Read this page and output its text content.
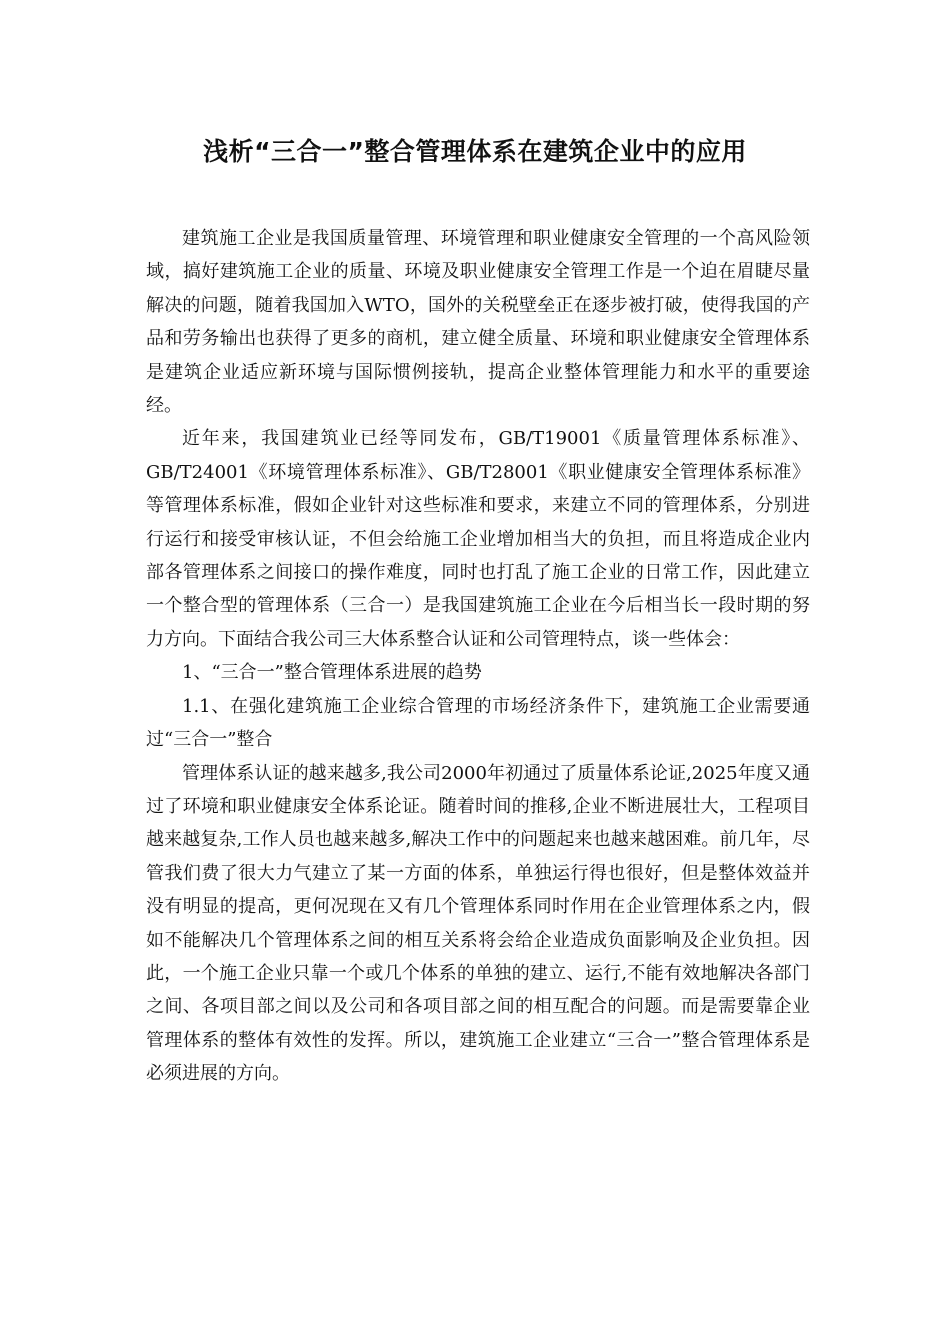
浅析“三合一”整合管理体系在建筑企业中的应用

建筑施工企业是我国质量管理、环境管理和职业健康安全管理的一个高风险领域，搞好建筑施工企业的质量、环境及职业健康安全管理工作是一个迫在眉睫尽量解决的问题，随着我国加入WTO，国外的关税壁垒正在逐步被打破，使得我国的产品和劳务输出也获得了更多的商机，建立健全质量、环境和职业健康安全管理体系是建筑企业适应新环境与国际惯例接轨，提高企业整体管理能力和水平的重要途经。

近年来，我国建筑业已经等同发布，GB/T19001《质量管理体系标准》、GB/T24001《环境管理体系标准》、GB/T28001《职业健康安全管理体系标准》等管理体系标准，假如企业针对这些标准和要求，来建立不同的管理体系，分别进行运行和接受审核认证，不但会给施工企业增加相当大的负担，而且将造成企业内部各管理体系之间接口的操作难度，同时也打乱了施工企业的日常工作，因此建立一个整合型的管理体系（三合一）是我国建筑施工企业在今后相当长一段时期的努力方向。下面结合我公司三大体系整合认证和公司管理特点，谈一些体会：

1、“三合一”整合管理体系进展的趋势

1.1、在强化建筑施工企业综合管理的市场经济条件下，建筑施工企业需要通过“三合一”整合

管理体系认证的越来越多,我公司2000年初通过了质量体系论证,2025年度又通过了环境和职业健康安全体系论证。随着时间的推移,企业不断进展壮大，工程项目越来越复杂,工作人员也越来越多,解决工作中的问题起来也越来越困难。前几年，尽管我们费了很大力气建立了某一方面的体系，单独运行得也很好，但是整体效益并没有明显的提高，更何况现在又有几个管理体系同时作用在企业管理体系之内，假如不能解决几个管理体系之间的相互关系将会给企业造成负面影响及企业负担。因此，一个施工企业只靠一个或几个体系的单独的建立、运行,不能有效地解决各部门之间、各项目部之间以及公司和各项目部之间的相互配合的问题。而是需要靠企业管理体系的整体有效性的发挥。所以，建筑施工企业建立“三合一”整合管理体系是必须进展的方向。
